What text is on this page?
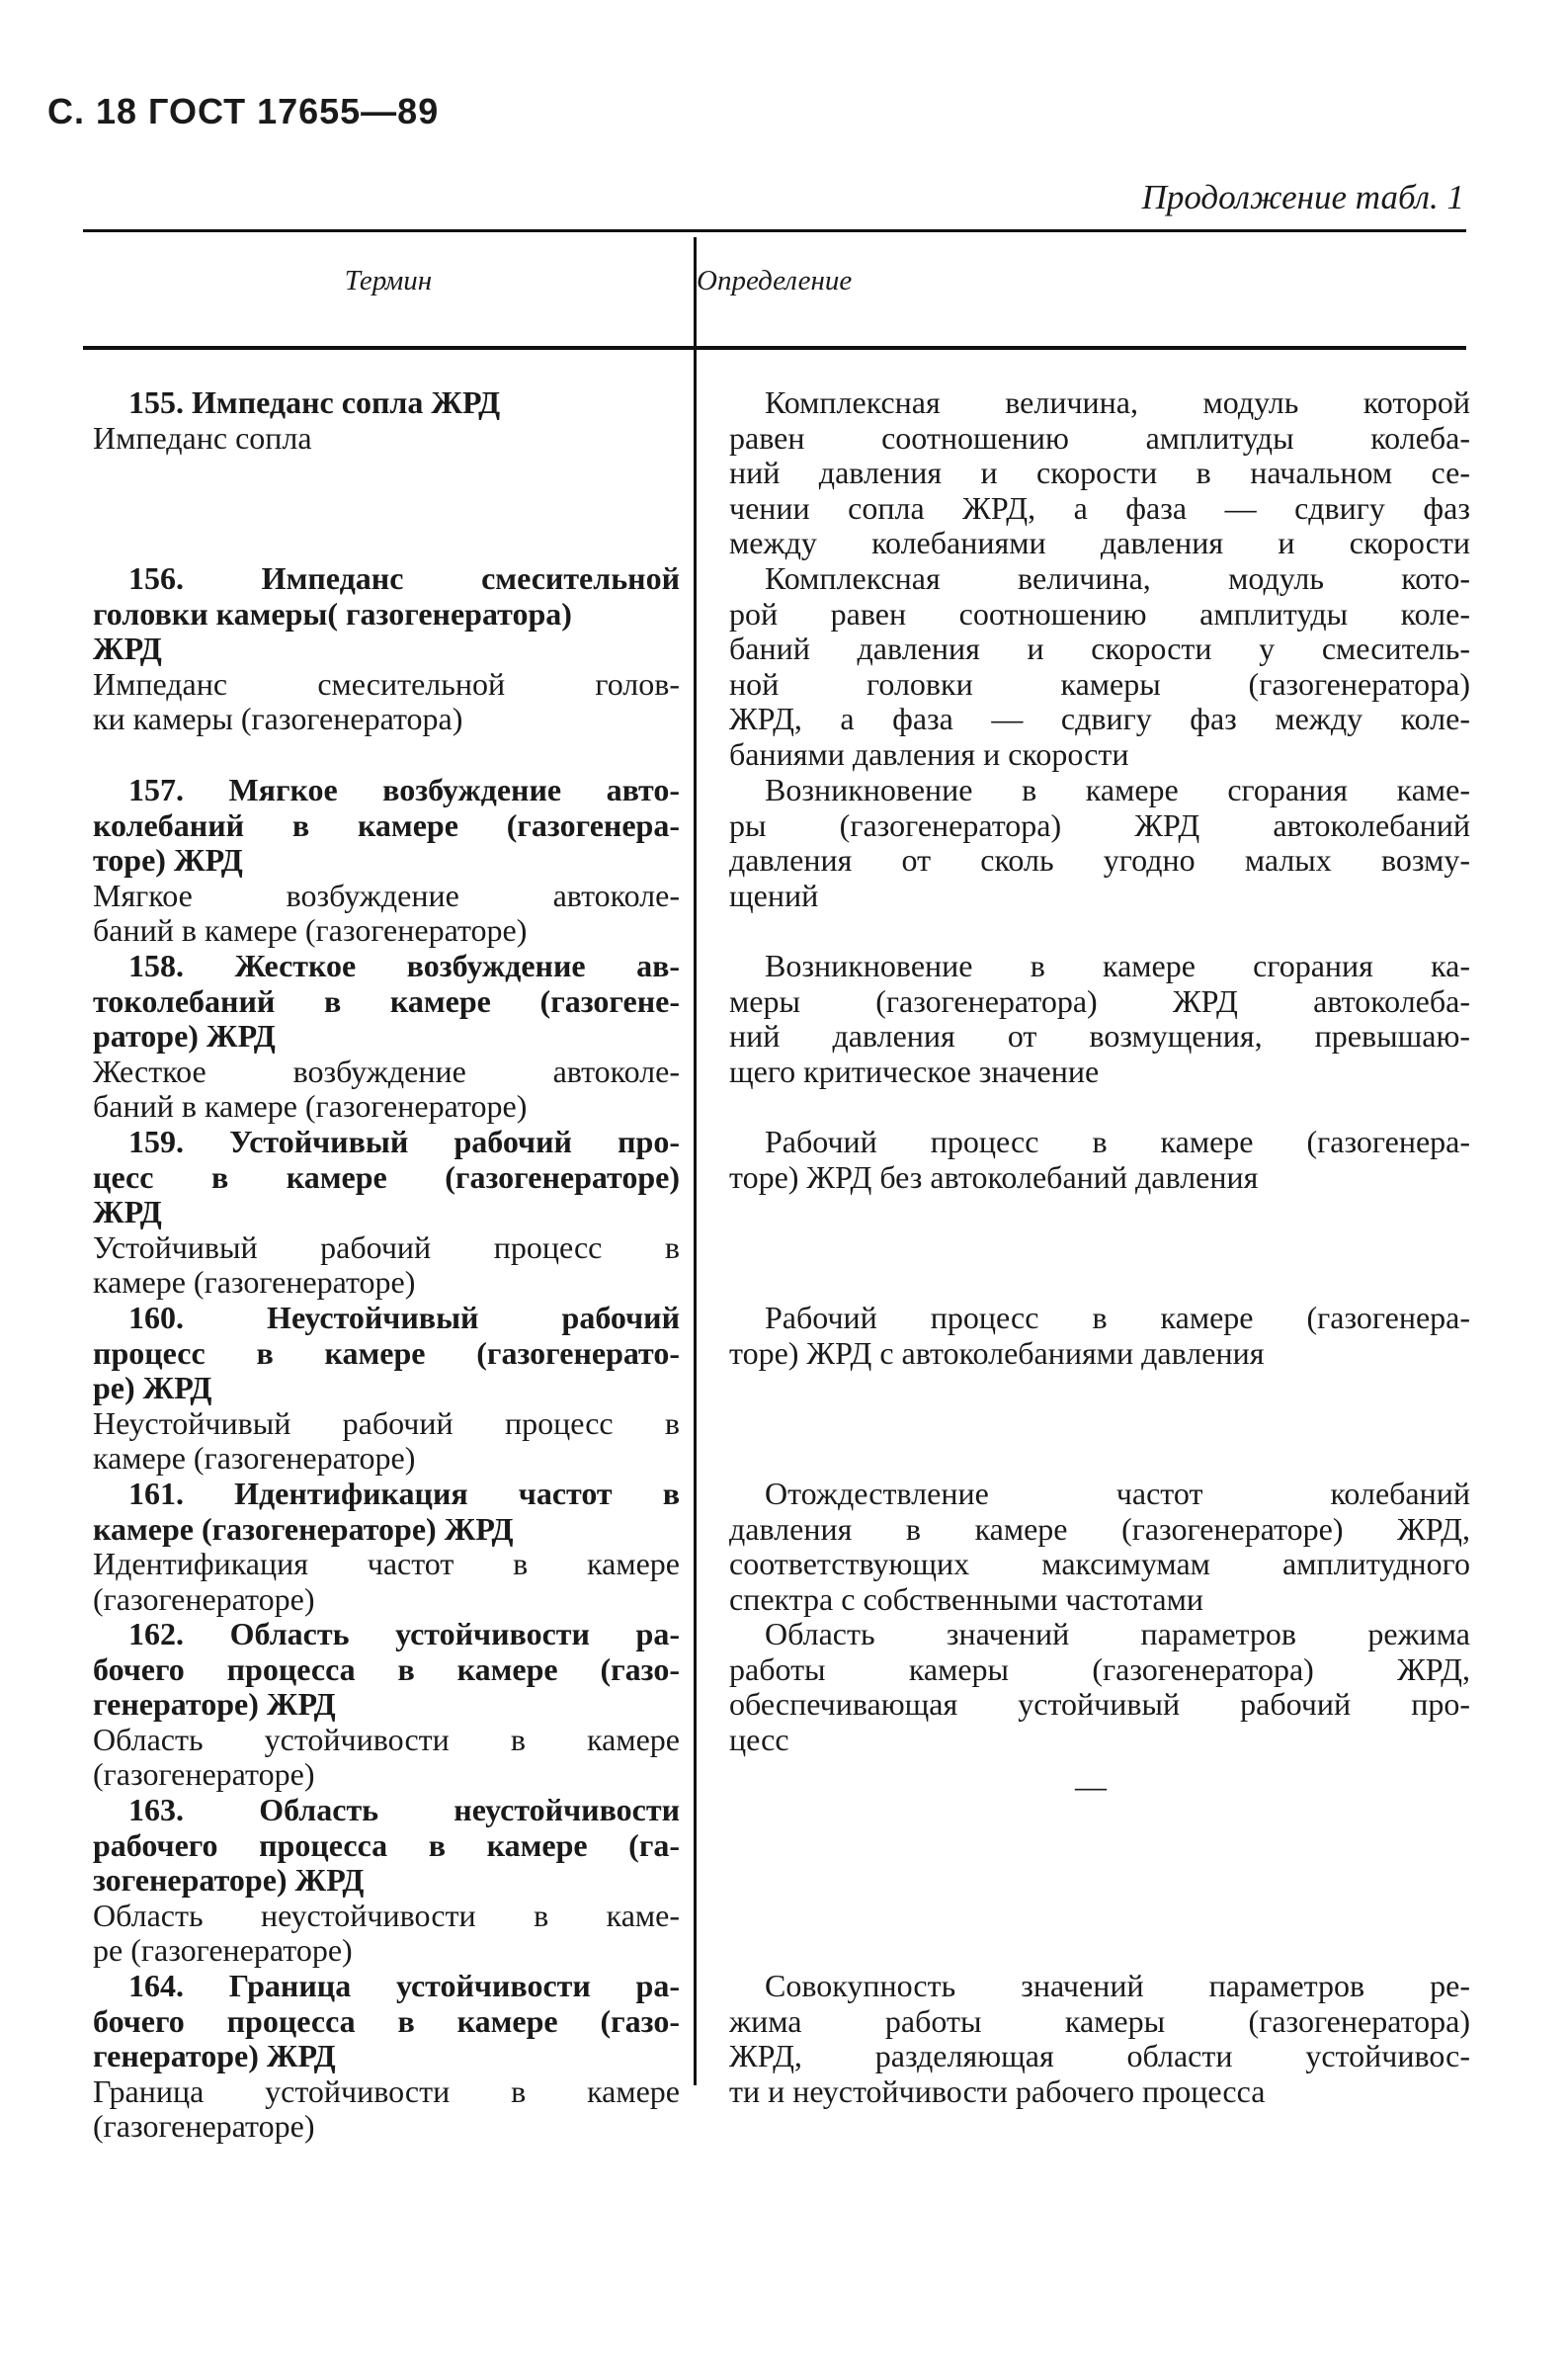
С. 18 ГОСТ 17655—89
Продолжение табл. 1
Термин	Определение
155. Импеданс сопла ЖРД
Импеданс сопла
Комплексная величина, модуль которой
равен соотношению амплитуды колеба-
ний давления и скорости в начальном се-
чении сопла ЖРД, а фаза — сдвигу фаз
между колебаниями давления и скорости
156. Импеданс смесительной
головки камеры( газогенератора)
ЖРД
Импеданс смесительной голов-
ки камеры (газогенератора)
Комплексная величина, модуль кото-
рой равен соотношению амплитуды коле-
баний давления и скорости у смеситель-
ной головки камеры (газогенератора)
ЖРД, а фаза — сдвигу фаз между коле-
баниями давления и скорости
157. Мягкое возбуждение авто-
колебаний в камере (газогенера-
торе) ЖРД
Мягкое возбуждение автоколе-
баний в камере (газогенераторе)
Возникновение в камере сгорания каме-
ры (газогенератора) ЖРД автоколебаний
давления от сколь угодно малых возму-
щений
158. Жесткое возбуждение ав-
токолебаний в камере (газогене-
раторе) ЖРД
Жесткое возбуждение автоколе-
баний в камере (газогенераторе)
Возникновение в камере сгорания ка-
меры (газогенератора) ЖРД автоколеба-
ний давления от возмущения, превышаю-
щего критическое значение
159. Устойчивый рабочий про-
цесс в камере (газогенераторе)
ЖРД
Устойчивый рабочий процесс в
камере (газогенераторе)
Рабочий процесс в камере (газогенера-
торе) ЖРД без автоколебаний давления
160. Неустойчивый рабочий
процесс в камере (газогенерато-
ре) ЖРД
Неустойчивый рабочий процесс в
камере (газогенераторе)
Рабочий процесс в камере (газогенера-
торе) ЖРД с автоколебаниями давления
161. Идентификация частот в
камере (газогенераторе) ЖРД
Идентификация частот в камере
(газогенераторе)
Отождествление частот колебаний
давления в камере (газогенераторе) ЖРД,
соответствующих максимумам амплитудного
спектра с собственными частотами
162. Область устойчивости ра-
бочего процесса в камере (газо-
генераторе) ЖРД
Область устойчивости в камере
(газогенераторе)
Область значений параметров режима
работы камеры (газогенератора) ЖРД,
обеспечивающая устойчивый рабочий про-
цесс
163. Область неустойчивости
рабочего процесса в камере (га-
зогенераторе) ЖРД
Область неустойчивости в каме-
ре (газогенераторе)
—
164. Граница устойчивости ра-
бочего процесса в камере (газо-
генераторе) ЖРД
Граница устойчивости в камере
(газогенераторе)
Совокупность значений параметров ре-
жима работы камеры (газогенератора)
ЖРД, разделяющая области устойчивос-
ти и неустойчивости рабочего процесса
